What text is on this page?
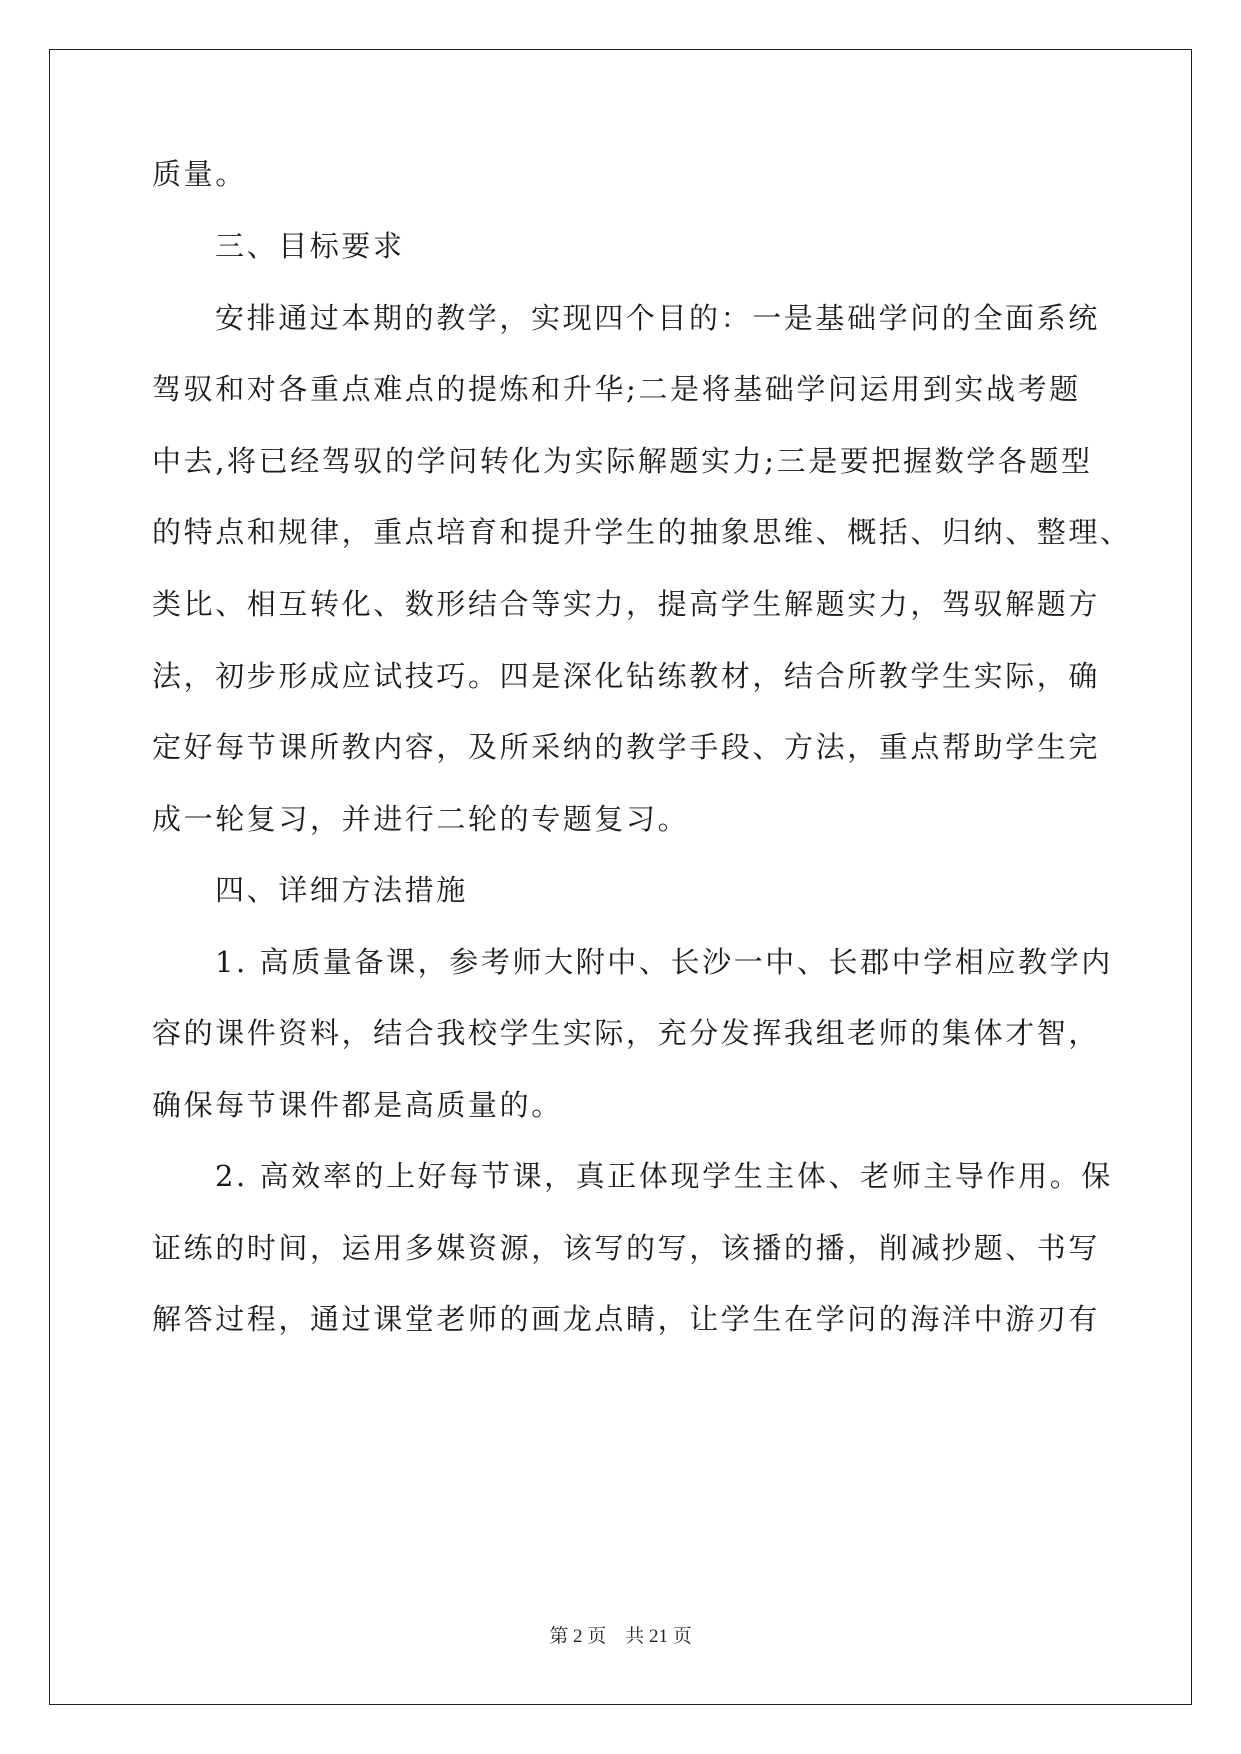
质量。
三、目标要求
安排通过本期的教学，实现四个目的：一是基础学问的全面系统
驾驭和对各重点难点的提炼和升华;二是将基础学问运用到实战考题
中去,将已经驾驭的学问转化为实际解题实力;三是要把握数学各题型
的特点和规律，重点培育和提升学生的抽象思维、概括、归纳、整理、
类比、相互转化、数形结合等实力，提高学生解题实力，驾驭解题方
法，初步形成应试技巧。四是深化钻练教材，结合所教学生实际，确
定好每节课所教内容，及所采纳的教学手段、方法，重点帮助学生完
成一轮复习，并进行二轮的专题复习。
四、详细方法措施
1. 高质量备课，参考师大附中、长沙一中、长郡中学相应教学内
容的课件资料，结合我校学生实际，充分发挥我组老师的集体才智，
确保每节课件都是高质量的。
2. 高效率的上好每节课，真正体现学生主体、老师主导作用。保
证练的时间，运用多媒资源，该写的写，该播的播，削减抄题、书写
解答过程，通过课堂老师的画龙点睛，让学生在学问的海洋中游刃有
第 2 页　共 21 页
